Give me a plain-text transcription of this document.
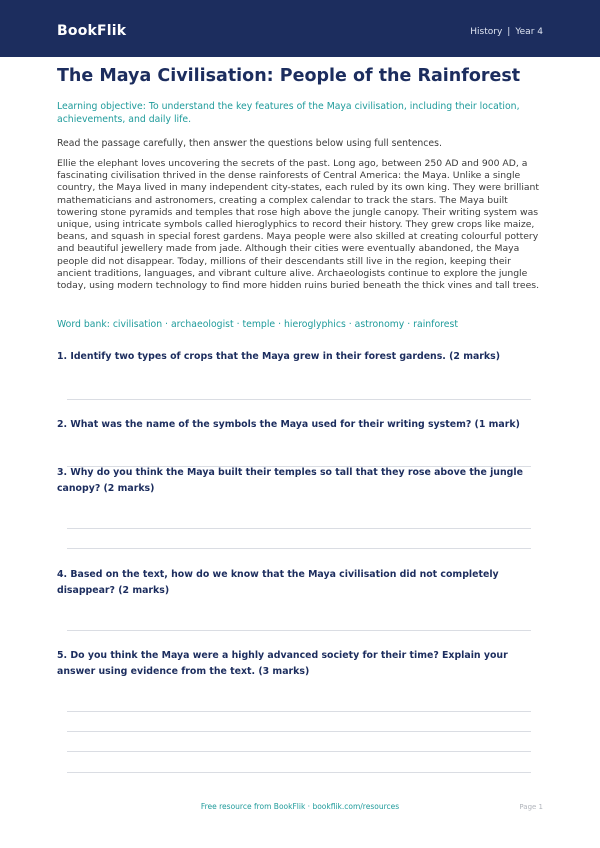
BookFlik	History | Year 4
The Maya Civilisation: People of the Rainforest
Learning objective: To understand the key features of the Maya civilisation, including their location, achievements, and daily life.
Read the passage carefully, then answer the questions below using full sentences.
Ellie the elephant loves uncovering the secrets of the past. Long ago, between 250 AD and 900 AD, a fascinating civilisation thrived in the dense rainforests of Central America: the Maya. Unlike a single country, the Maya lived in many independent city-states, each ruled by its own king. They were brilliant mathematicians and astronomers, creating a complex calendar to track the stars. The Maya built towering stone pyramids and temples that rose high above the jungle canopy. Their writing system was unique, using intricate symbols called hieroglyphics to record their history. They grew crops like maize, beans, and squash in special forest gardens. Maya people were also skilled at creating colourful pottery and beautiful jewellery made from jade. Although their cities were eventually abandoned, the Maya people did not disappear. Today, millions of their descendants still live in the region, keeping their ancient traditions, languages, and vibrant culture alive. Archaeologists continue to explore the jungle today, using modern technology to find more hidden ruins buried beneath the thick vines and tall trees.
Word bank: civilisation · archaeologist · temple · hieroglyphics · astronomy · rainforest

1. Identify two types of crops that the Maya grew in their forest gardens. (2 marks)

2. What was the name of the symbols the Maya used for their writing system? (1 mark)

3. Why do you think the Maya built their temples so tall that they rose above the jungle canopy? (2 marks)

4. Based on the text, how do we know that the Maya civilisation did not completely disappear? (2 marks)

5. Do you think the Maya were a highly advanced society for their time? Explain your answer using evidence from the text. (3 marks)

Free resource from BookFlik · bookflik.com/resources	Page 1
